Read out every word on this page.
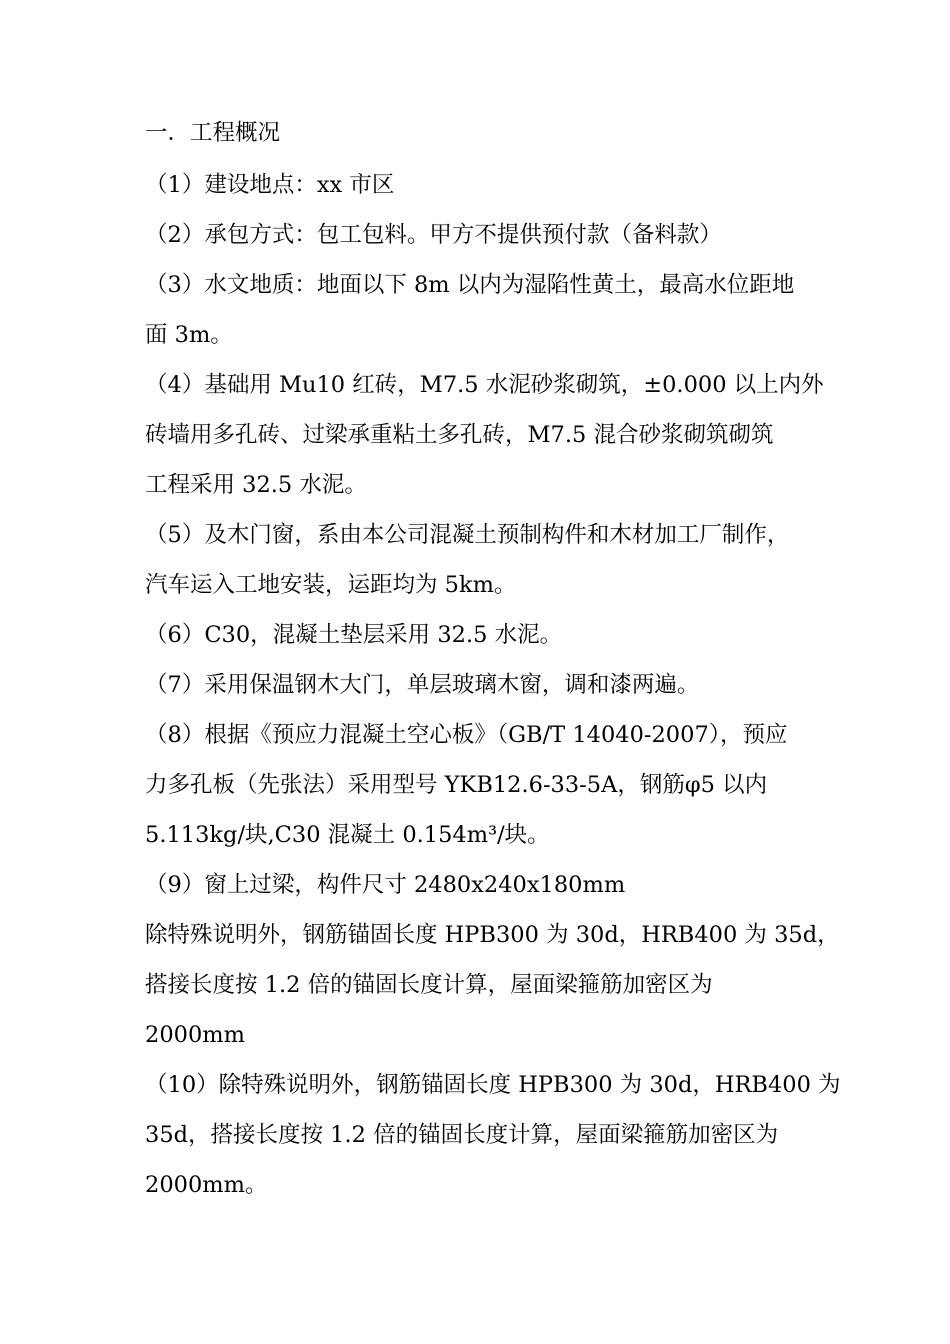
一．工程概况
（1）建设地点：xx 市区
（2）承包方式：包工包料。甲方不提供预付款（备料款）
（3）水文地质：地面以下 8m 以内为湿陷性黄土，最高水位距地
面 3m。
（4）基础用 Mu10 红砖，M7.5 水泥砂浆砌筑，±0.000 以上内外
砖墙用多孔砖、过梁承重粘土多孔砖，M7.5 混合砂浆砌筑砌筑
工程采用 32.5 水泥。
（5）及木门窗，系由本公司混凝土预制构件和木材加工厂制作，
汽车运入工地安装，运距均为 5km。
（6）C30，混凝土垫层采用 32.5 水泥。
（7）采用保温钢木大门，单层玻璃木窗，调和漆两遍。
（8）根据《预应力混凝土空心板》（GB/T 14040-2007），预应
力多孔板（先张法）采用型号 YKB12.6-33-5A，钢筋φ5 以内
5.113kg/块,C30 混凝土 0.154m³/块。
（9）窗上过梁，构件尺寸 2480x240x180mm
除特殊说明外，钢筋锚固长度 HPB300 为 30d，HRB400 为 35d，
搭接长度按 1.2 倍的锚固长度计算，屋面梁箍筋加密区为
2000mm
（10）除特殊说明外，钢筋锚固长度 HPB300 为 30d，HRB400 为
35d，搭接长度按 1.2 倍的锚固长度计算，屋面梁箍筋加密区为
2000mm。
